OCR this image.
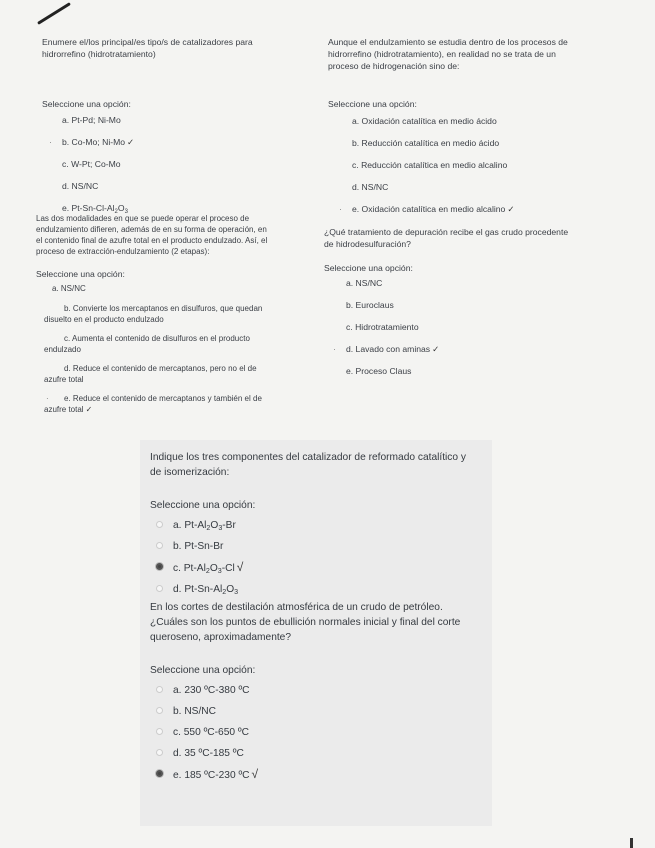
Enumere el/los principal/es tipo/s de catalizadores para
hidrorrefino (hidrotratamiento)
Seleccione una opción:
a. Pt-Pd; Ni-Mo
· b. Co-Mo; Ni-Mo ✓
c. W-Pt; Co-Mo
d. NS/NC
e. $Pt-Sn-Cl-Al_2O_3$
Aunque el endulzamiento se estudia dentro de los procesos de
hidrorrefino (hidrotratamiento), en realidad no se trata de un
proceso de hidrogenación sino de:
Seleccione una opción:
a. Oxidación catalítica en medio ácido
b. Reducción catalítica en medio ácido
c. Reducción catalítica en medio alcalino
d. NS/NC
· e. Oxidación catalítica en medio alcalino ✓
Las dos modalidades en que se puede operar el proceso de
endulzamiento difieren, además de en su forma de operación, en
el contenido final de azufre total en el producto endulzado. Así, el
proceso de extracción-endulzamiento (2 etapas):
Seleccione una opción:
a. NS/NC
b. Convierte los mercaptanos en disulfuros, que quedan
disuelto en el producto endulzado
c. Aumenta el contenido de disulfuros en el producto
endulzado
d. Reduce el contenido de mercaptanos, pero no el de
azufre total
· e. Reduce el contenido de mercaptanos y también el de
azufre total ✓
¿Qué tratamiento de depuración recibe el gas crudo procedente
de hidrodesulfuración?
Seleccione una opción:
a. NS/NC
b. Euroclaus
c. Hidrotratamiento
· d. Lavado con aminas ✓
e. Proceso Claus
Indique los tres componentes del catalizador de reformado catalítico y
de isomerización:
Seleccione una opción:
a. $Pt-Al_2O_3-Br$
b. Pt-Sn-Br
c. $Pt-Al_2O_3-Cl$ √
d. $Pt-Sn-Al_2O_3$
En los cortes de destilación atmosférica de un crudo de petróleo.
¿Cuáles son los puntos de ebullición normales inicial y final del corte
queroseno, aproximadamente?
Seleccione una opción:
a. 230 ºC-380 ºC
b. NS/NC
c. 550 ºC-650 ºC
d. 35 ºC-185 ºC
e. 185 ºC-230 ºC √
